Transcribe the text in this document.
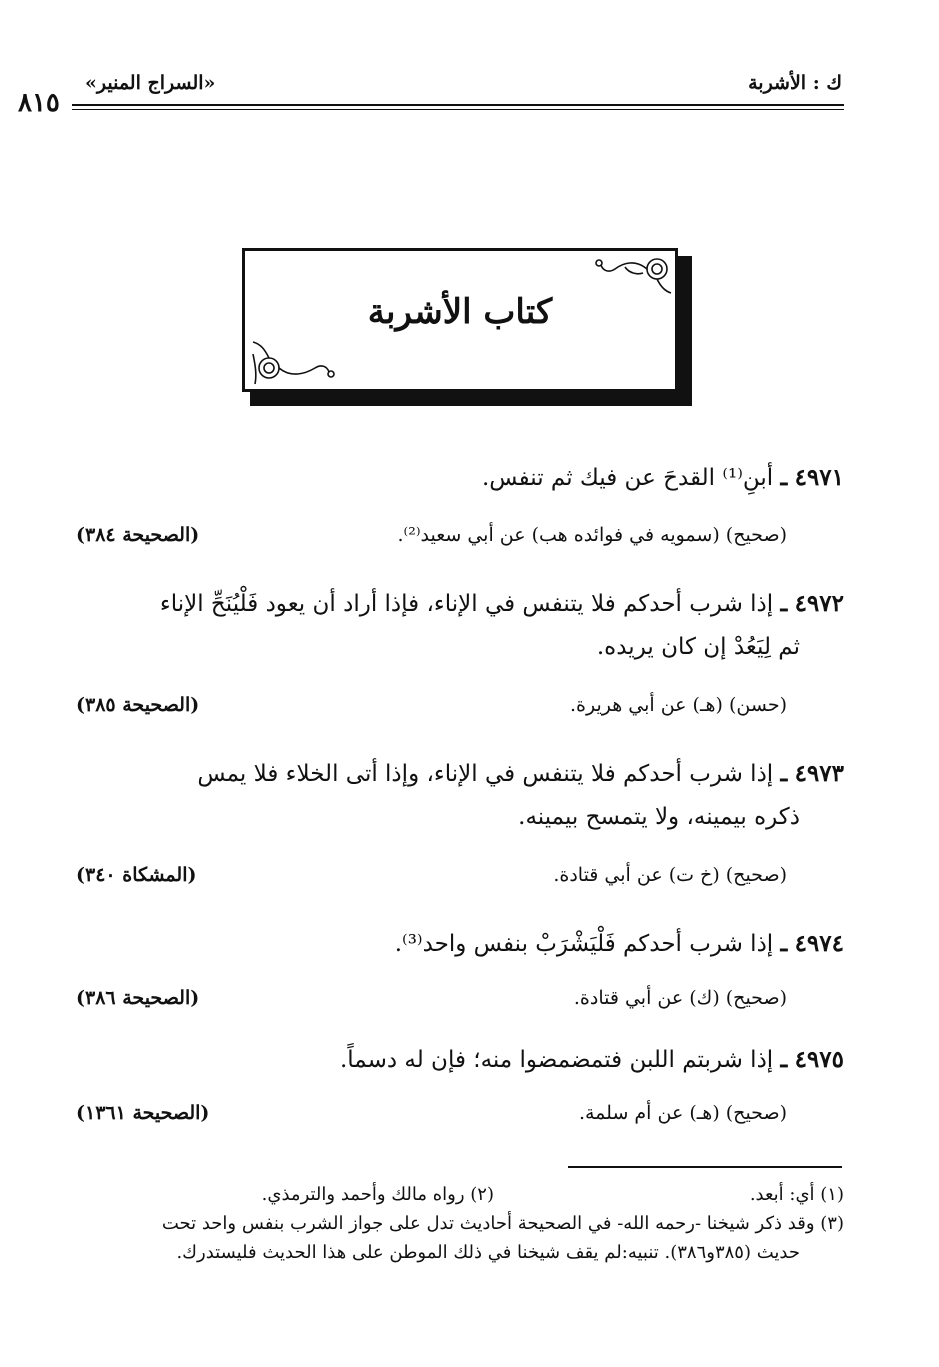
ك : الأشربة
«السراج المنير»
٨١٥
كتاب الأشربة
٤٩٧١ ـ أبنِ⁽¹⁾ القدحَ عن فيك ثم تنفس.
(صحيح) (سمويه في فوائده هب) عن أبي سعيد⁽²⁾.
(الصحيحة ٣٨٤)
٤٩٧٢ ـ إذا شرب أحدكم فلا يتنفس في الإناء، فإذا أراد أن يعود فَلْيُنَحِّ الإناء
ثم لِيَعُدْ إن كان يريده.
(حسن) (هـ) عن أبي هريرة.
(الصحيحة ٣٨٥)
٤٩٧٣ ـ إذا شرب أحدكم فلا يتنفس في الإناء، وإذا أتى الخلاء فلا يمس
ذكره بيمينه، ولا يتمسح بيمينه.
(صحيح) (خ ت) عن أبي قتادة.
(المشكاة ٣٤٠)
٤٩٧٤ ـ إذا شرب أحدكم فَلْيَشْرَبْ بنفس واحد⁽³⁾.
(صحيح) (ك) عن أبي قتادة.
(الصحيحة ٣٨٦)
٤٩٧٥ ـ إذا شربتم اللبن فتمضمضوا منه؛ فإن له دسماً.
(صحيح) (هـ) عن أم سلمة.
(الصحيحة ١٣٦١)
(١) أي: أبعد.
(٢) رواه مالك وأحمد والترمذي.
(٣) وقد ذكر شيخنا -رحمه الله- في الصحيحة أحاديث تدل على جواز الشرب بنفس واحد تحت
حديث (٣٨٥و٣٨٦). تنبيه:لم يقف شيخنا في ذلك الموطن على هذا الحديث فليستدرك.
